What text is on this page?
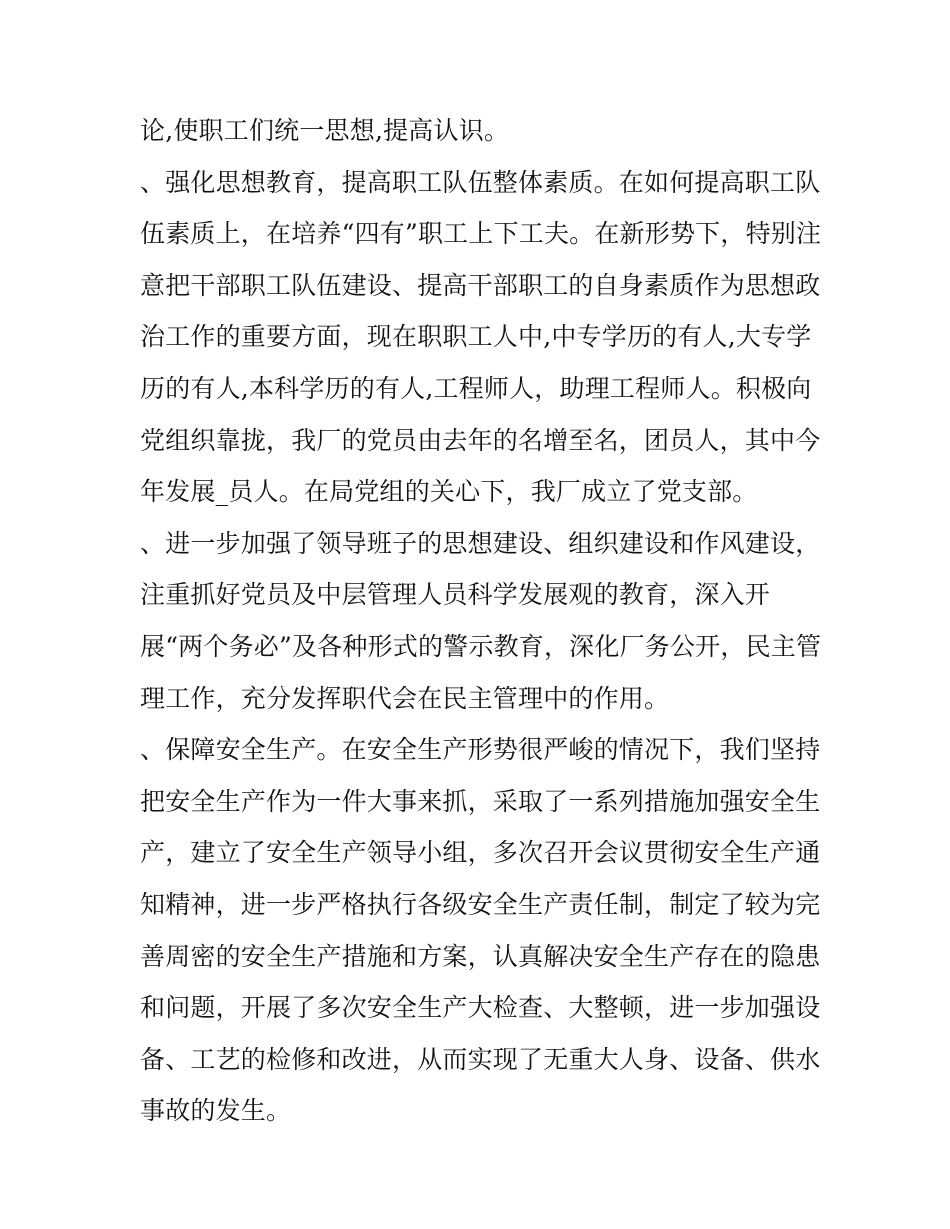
论,使职工们统一思想,提高认识。
、强化思想教育，提高职工队伍整体素质。在如何提高职工队
伍素质上，在培养“四有”职工上下工夫。在新形势下，特别注
意把干部职工队伍建设、提高干部职工的自身素质作为思想政
治工作的重要方面，现在职职工人中,中专学历的有人,大专学
历的有人,本科学历的有人,工程师人，助理工程师人。积极向
党组织靠拢，我厂的党员由去年的名增至名，团员人，其中今
年发展_员人。在局党组的关心下，我厂成立了党支部。
、进一步加强了领导班子的思想建设、组织建设和作风建设，
注重抓好党员及中层管理人员科学发展观的教育，深入开
展“两个务必”及各种形式的警示教育，深化厂务公开，民主管
理工作，充分发挥职代会在民主管理中的作用。
、保障安全生产。在安全生产形势很严峻的情况下，我们坚持
把安全生产作为一件大事来抓，采取了一系列措施加强安全生
产，建立了安全生产领导小组，多次召开会议贯彻安全生产通
知精神，进一步严格执行各级安全生产责任制，制定了较为完
善周密的安全生产措施和方案，认真解决安全生产存在的隐患
和问题，开展了多次安全生产大检查、大整顿，进一步加强设
备、工艺的检修和改进，从而实现了无重大人身、设备、供水
事故的发生。
